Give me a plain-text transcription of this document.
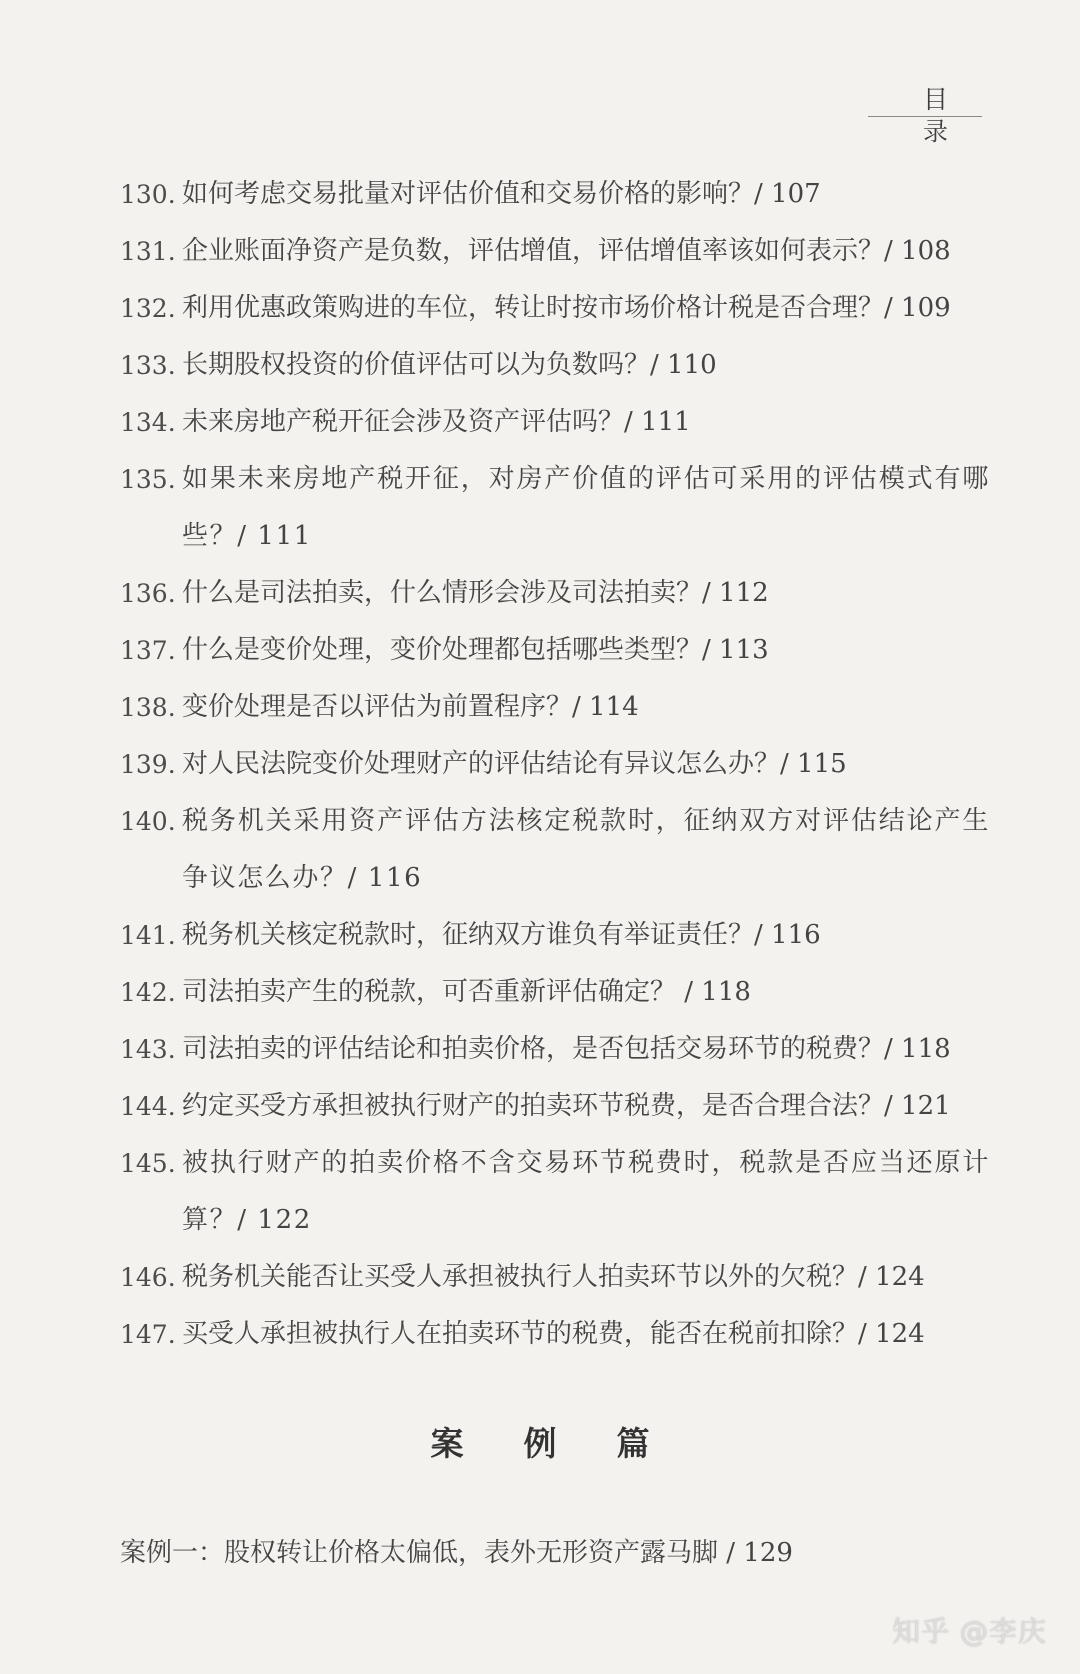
目录
130. 如何考虑交易批量对评估价值和交易价格的影响？/ 107
131. 企业账面净资产是负数，评估增值，评估增值率该如何表示？/ 108
132. 利用优惠政策购进的车位，转让时按市场价格计税是否合理？/ 109
133. 长期股权投资的价值评估可以为负数吗？/ 110
134. 未来房地产税开征会涉及资产评估吗？/ 111
135. 如果未来房地产税开征，对房产价值的评估可采用的评估模式有哪些？/ 111
136. 什么是司法拍卖，什么情形会涉及司法拍卖？/ 112
137. 什么是变价处理，变价处理都包括哪些类型？/ 113
138. 变价处理是否以评估为前置程序？/ 114
139. 对人民法院变价处理财产的评估结论有异议怎么办？/ 115
140. 税务机关采用资产评估方法核定税款时，征纳双方对评估结论产生争议怎么办？/ 116
141. 税务机关核定税款时，征纳双方谁负有举证责任？/ 116
142. 司法拍卖产生的税款，可否重新评估确定？ / 118
143. 司法拍卖的评估结论和拍卖价格，是否包括交易环节的税费？/ 118
144. 约定买受方承担被执行财产的拍卖环节税费，是否合理合法？/ 121
145. 被执行财产的拍卖价格不含交易环节税费时，税款是否应当还原计算？/ 122
146. 税务机关能否让买受人承担被执行人拍卖环节以外的欠税？/ 124
147. 买受人承担被执行人在拍卖环节的税费，能否在税前扣除？/ 124
案例篇
案例一：股权转让价格太偏低，表外无形资产露马脚 / 129
知乎 @李庆
